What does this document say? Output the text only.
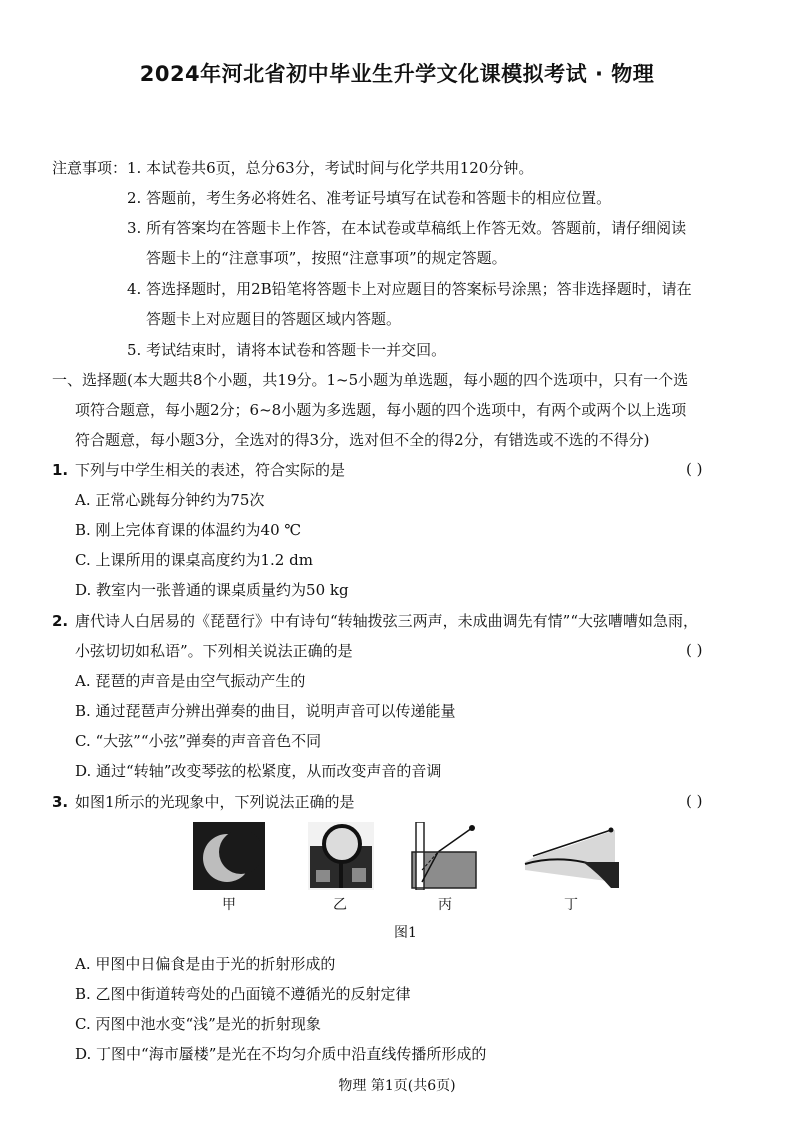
2024年河北省初中毕业生升学文化课模拟考试 · 物理
注意事项： 1. 本试卷共6页，总分63分，考试时间与化学共用120分钟。
2. 答题前，考生务必将姓名、准考证号填写在试卷和答题卡的相应位置。
3. 所有答案均在答题卡上作答，在本试卷或草稿纸上作答无效。答题前，请仔细阅读
答题卡上的“注意事项”，按照“注意事项”的规定答题。
4. 答选择题时，用2B铅笔将答题卡上对应题目的答案标号涂黑；答非选择题时，请在
答题卡上对应题目的答题区域内答题。
5. 考试结束时，请将本试卷和答题卡一并交回。
一、选择题(本大题共8个小题，共19分。1~5小题为单选题，每小题的四个选项中，只有一个选
项符合题意，每小题2分；6~8小题为多选题，每小题的四个选项中，有两个或两个以上选项
符合题意，每小题3分，全选对的得3分，选对但不全的得2分，有错选或不选的不得分)
1. 下列与中学生相关的表述，符合实际的是	( )
A. 正常心跳每分钟约为75次
B. 刚上完体育课的体温约为40 ℃
C. 上课所用的课桌高度约为1.2 dm
D. 教室内一张普通的课桌质量约为50 kg
2. 唐代诗人白居易的《琵琶行》中有诗句“转轴拨弦三两声，未成曲调先有情”“大弦嘈嘈如急雨，
小弦切切如私语”。下列相关说法正确的是	( )
A. 琵琶的声音是由空气振动产生的
B. 通过琵琶声分辨出弹奏的曲目，说明声音可以传递能量
C. “大弦”“小弦”弹奏的声音音色不同
D. 通过“转轴”改变琴弦的松紧度，从而改变声音的音调
3. 如图1所示的光现象中，下列说法正确的是	( )
甲	乙	丙	丁
图1
A. 甲图中日偏食是由于光的折射形成的
B. 乙图中街道转弯处的凸面镜不遵循光的反射定律
C. 丙图中池水变“浅”是光的折射现象
D. 丁图中“海市蜃楼”是光在不均匀介质中沿直线传播所形成的
物理 第1页(共6页)
